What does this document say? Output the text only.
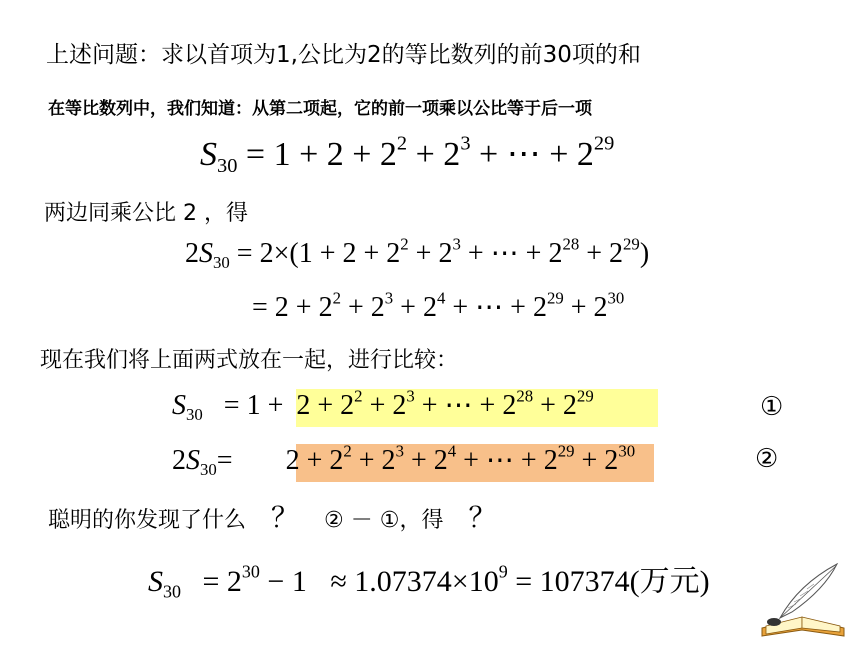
上述问题：求以首项为1,公比为2的等比数列的前30项的和
在等比数列中，我们知道：从第二项起，它的前一项乘以公比等于后一项
$S_{30} = 1 + 2 + 2^2 + 2^3$ + ⋯ + $2^{29}$
两边同乘公比 2 ，得
$2S_{30} = 2\times(1 + 2 + 2^2 + 2^3$ + ⋯ + $2^{28} + 2^{29}$)
= $2 + 2^2 + 2^3 + 2^4$ + ⋯ + $2^{29} + 2^{30}$
现在我们将上面两式放在一起，进行比较：
$S_{30} = 1 + 2 + 2^2 + 2^3$ + ⋯ + $2^{28} + 2^{29}$	①
$2S_{30}= 2 + 2^2 + 2^3 + 2^4$ + ⋯ + $2^{29} + 2^{30}$	②
聪明的你发现了什么 ？ ② － ①，得 ？
$S_{30} = 2^{30} - 1 \approx 1.07374\times 10^9 = 107374$(万元)
